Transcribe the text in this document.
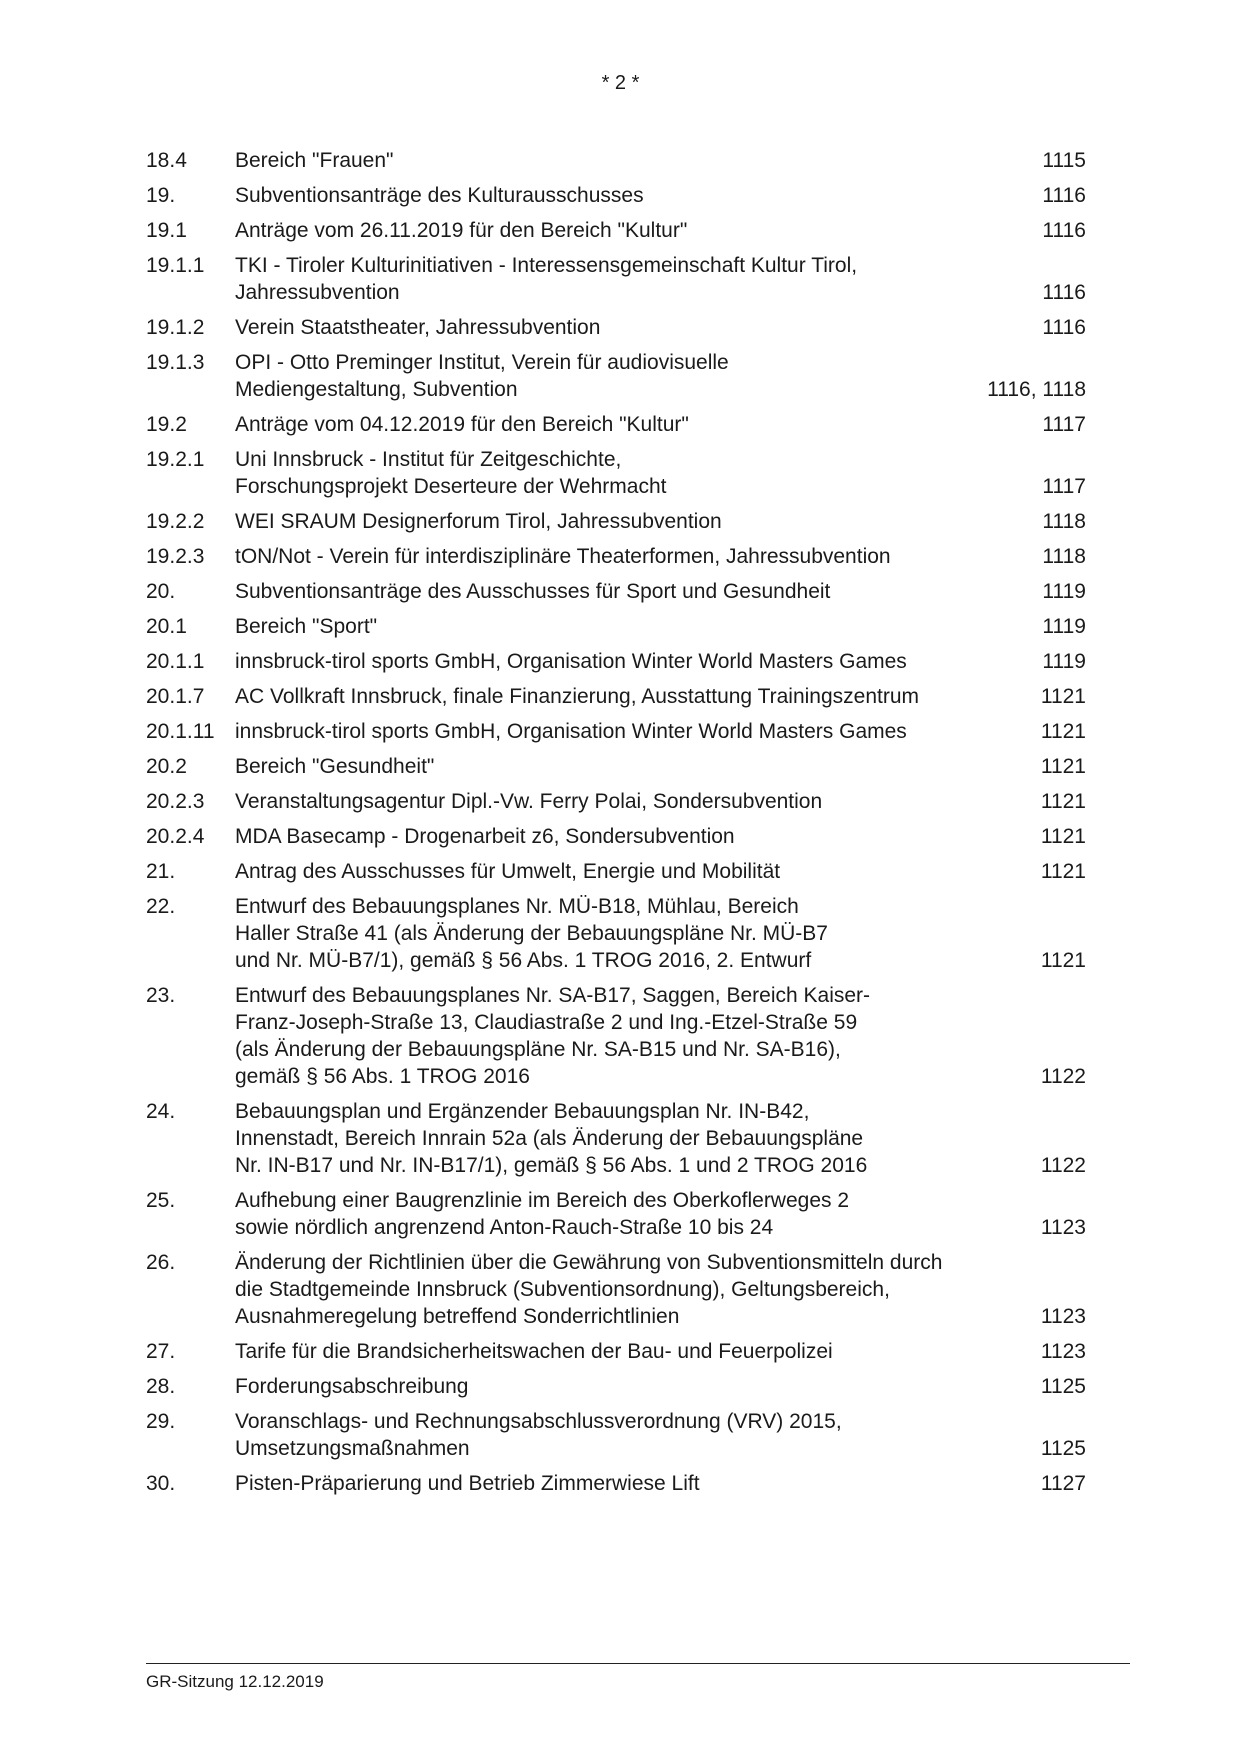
* 2 *
18.4	Bereich "Frauen"	1115
19.	Subventionsanträge des Kulturausschusses	1116
19.1	Anträge vom 26.11.2019 für den Bereich "Kultur"	1116
19.1.1	TKI - Tiroler Kulturinitiativen - Interessensgemeinschaft Kultur Tirol,
Jahressubvention	1116
19.1.2	Verein Staatstheater, Jahressubvention	1116
19.1.3	OPI - Otto Preminger Institut, Verein für audiovisuelle
Mediengestaltung, Subvention	1116, 1118
19.2	Anträge vom 04.12.2019 für den Bereich "Kultur"	1117
19.2.1	Uni Innsbruck - Institut für Zeitgeschichte,
Forschungsprojekt Deserteure der Wehrmacht	1117
19.2.2	WEI SRAUM Designerforum Tirol, Jahressubvention	1118
19.2.3	tON/Not - Verein für interdisziplinäre Theaterformen, Jahressubvention	1118
20.	Subventionsanträge des Ausschusses für Sport und Gesundheit	1119
20.1	Bereich "Sport"	1119
20.1.1	innsbruck-tirol sports GmbH, Organisation Winter World Masters Games	1119
20.1.7	AC Vollkraft Innsbruck, finale Finanzierung, Ausstattung Trainingszentrum	1121
20.1.11 innsbruck-tirol sports GmbH, Organisation Winter World Masters Games	1121
20.2	Bereich "Gesundheit"	1121
20.2.3	Veranstaltungsagentur Dipl.-Vw. Ferry Polai, Sondersubvention	1121
20.2.4	MDA Basecamp - Drogenarbeit z6, Sondersubvention	1121
21.	Antrag des Ausschusses für Umwelt, Energie und Mobilität	1121
22.	Entwurf des Bebauungsplanes Nr. MÜ-B18, Mühlau, Bereich
Haller Straße 41 (als Änderung der Bebauungspläne Nr. MÜ-B7
und Nr. MÜ-B7/1), gemäß § 56 Abs. 1 TROG 2016, 2. Entwurf	1121
23.	Entwurf des Bebauungsplanes Nr. SA-B17, Saggen, Bereich Kaiser-
Franz-Joseph-Straße 13, Claudiastraße 2 und Ing.-Etzel-Straße 59
(als Änderung der Bebauungspläne Nr. SA-B15 und Nr. SA-B16),
gemäß § 56 Abs. 1 TROG 2016	1122
24.	Bebauungsplan und Ergänzender Bebauungsplan Nr. IN-B42,
Innenstadt, Bereich Innrain 52a (als Änderung der Bebauungspläne
Nr. IN-B17 und Nr. IN-B17/1), gemäß § 56 Abs. 1 und 2 TROG 2016	1122
25.	Aufhebung einer Baugrenzlinie im Bereich des Oberkoflerweges 2
sowie nördlich angrenzend Anton-Rauch-Straße 10 bis 24	1123
26.	Änderung der Richtlinien über die Gewährung von Subventionsmitteln durch
die Stadtgemeinde Innsbruck (Subventionsordnung), Geltungsbereich,
Ausnahmeregelung betreffend Sonderrichtlinien	1123
27.	Tarife für die Brandsicherheitswachen der Bau- und Feuerpolizei	1123
28.	Forderungsabschreibung	1125
29.	Voranschlags- und Rechnungsabschlussverordnung (VRV) 2015,
Umsetzungsmaßnahmen	1125
30.	Pisten-Präparierung und Betrieb Zimmerwiese Lift	1127
GR-Sitzung 12.12.2019
